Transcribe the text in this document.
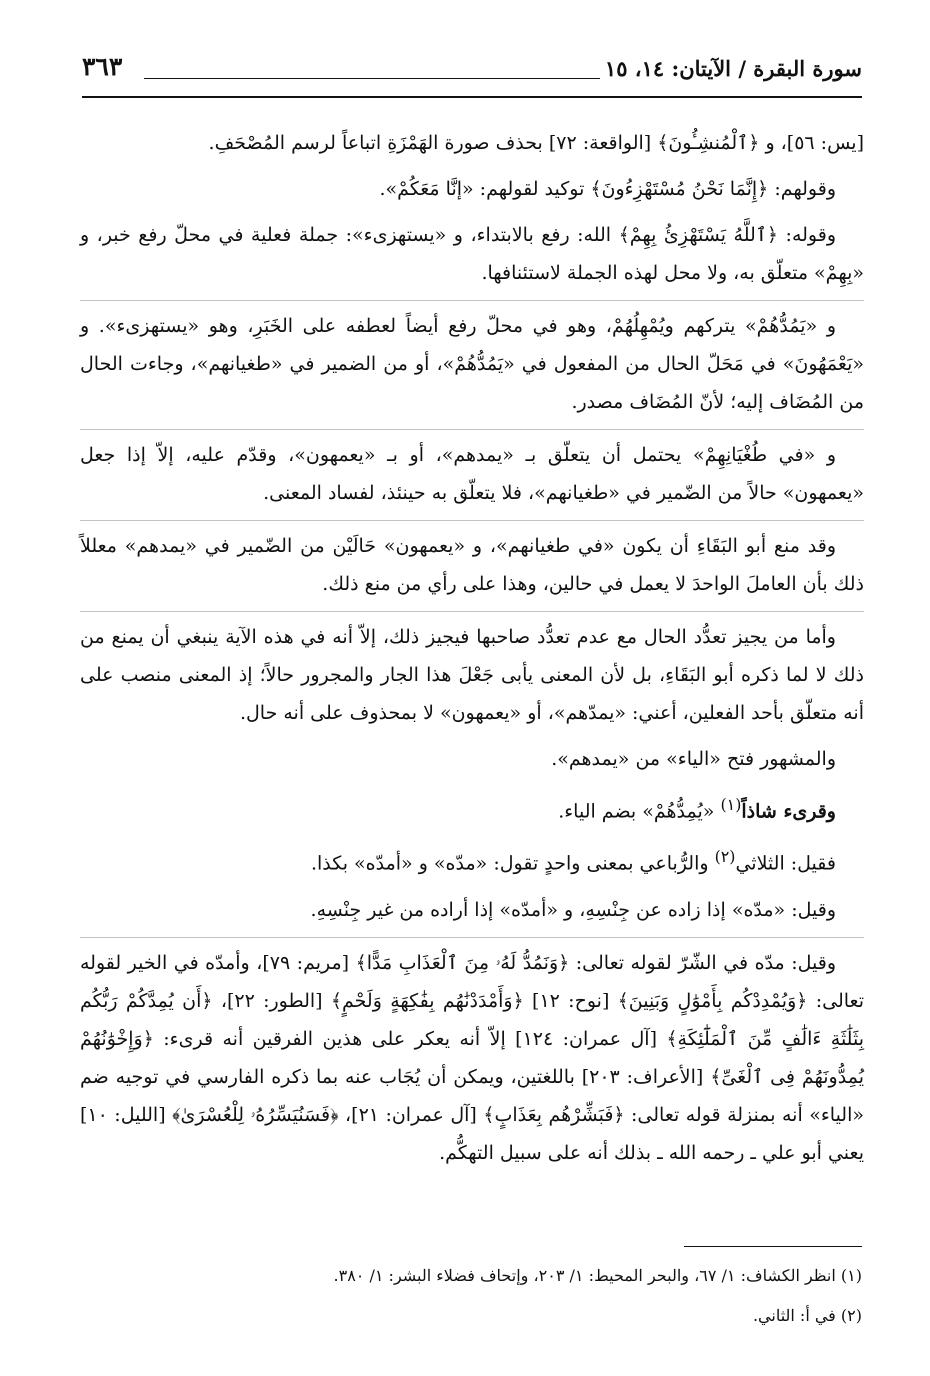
سورة البقرة / الآيتان: ١٤، ١٥
٣٦٣

[يس: ٥٦]، و ﴿ٱلْمُنشِـُٔونَ﴾ [الواقعة: ٧٢] بحذف صورة الهَمْزَةِ اتباعاً لرسم المُصْحَفِ.

وقولهم: ﴿إِنَّمَا نَحْنُ مُسْتَهْزِءُونَ﴾ توكيد لقولهم: «إنَّا مَعَكُمْ».

وقوله: ﴿ٱللَّهُ يَسْتَهْزِئُ بِهِمْ﴾ الله: رفع بالابتداء، و «يستهزىء»: جملة فعلية في محلّ رفع خبر، و «بِهِمْ» متعلّق به، ولا محل لهذه الجملة لاستئنافها.

و «يَمُدُّهُمْ» يتركهم ويُمْهِلُهُمْ، وهو في محلّ رفع أيضاً لعطفه على الخَبَرِ، وهو «يستهزىء». و «يَعْمَهُونَ» في مَحَلّ الحال من المفعول في «يَمُدُّهُمْ»، أو من الضمير في «طغيانهم»، وجاءت الحال من المُضَاف إليه؛ لأنّ المُضَاف مصدر.

و «في طُغْيَانِهِمْ» يحتمل أن يتعلّق بـ «يمدهم»، أو بـ «يعمهون»، وقدّم عليه، إلاّ إذا جعل «يعمهون» حالاً من الضّمير في «طغيانهم»، فلا يتعلّق به حينئذ، لفساد المعنى.

وقد منع أبو البَقَاءِ أن يكون «في طغيانهم»، و «يعمهون» حَالَيْن من الضّمير في «يمدهم» معللاً ذلك بأن العاملَ الواحدَ لا يعمل في حالين، وهذا على رأي من منع ذلك.

وأما من يجيز تعدُّد الحال مع عدم تعدُّد صاحبها فيجيز ذلك، إلاّ أنه في هذه الآية ينبغي أن يمنع من ذلك لا لما ذكره أبو البَقَاءِ، بل لأن المعنى يأبى جَعْلَ هذا الجار والمجرور حالاً؛ إذ المعنى منصب على أنه متعلّق بأحد الفعلين، أعني: «يمدّهم»، أو «يعمهون» لا بمحذوف على أنه حال.

والمشهور فتح «الياء» من «يمدهم».

وقرىء شاذاً$^{(١)}$ «يُمِدُّهُمْ» بضم الياء.

فقيل: الثلاثي$^{(٢)}$ والرُّباعي بمعنى واحدٍ تقول: «مدّه» و «أمدّه» بكذا.

وقيل: «مدّه» إذا زاده عن جِنْسِهِ، و «أمدّه» إذا أراده من غير جِنْسِهِ.

وقيل: مدّه في الشّرّ لقوله تعالى: ﴿وَنَمُدُّ لَهُۥ مِنَ ٱلْعَذَابِ مَدًّا﴾ [مريم: ٧٩]، وأمدّه في الخير لقوله تعالى: ﴿وَيُمْدِدْكُم بِأَمْوَٰلٍ وَبَنِينَ﴾ [نوح: ١٢] ﴿وَأَمْدَدْنَٰهُم بِفَٰكِهَةٍ وَلَحْمٍ﴾ [الطور: ٢٢]، ﴿أَن يُمِدَّكُمْ رَبُّكُم بِثَلَٰثَةِ ءَالَٰفٍ مِّنَ ٱلْمَلَٰٓئِكَةِ﴾ [آل عمران: ١٢٤] إلاّ أنه يعكر على هذين الفرقين أنه قرىء: ﴿وَإِخْوَٰنُهُمْ يُمِدُّونَهُمْ فِى ٱلْغَىِّ﴾ [الأعراف: ٢٠٣] باللغتين، ويمكن أن يُجَاب عنه بما ذكره الفارسي في توجيه ضم «الياء» أنه بمنزلة قوله تعالى: ﴿فَبَشِّرْهُم بِعَذَابٍ﴾ [آل عمران: ٢١]، ﴿فَسَنُيَسِّرُهُۥ لِلْعُسْرَىٰ﴾ [الليل: ١٠] يعني أبو علي ـ رحمه الله ـ بذلك أنه على سبيل التهكُّم.

(١) انظر الكشاف: ١/ ٦٧، والبحر المحيط: ١/ ٢٠٣، وإتحاف فضلاء البشر: ١/ ٣٨٠.

(٢) في أ: الثاني.
